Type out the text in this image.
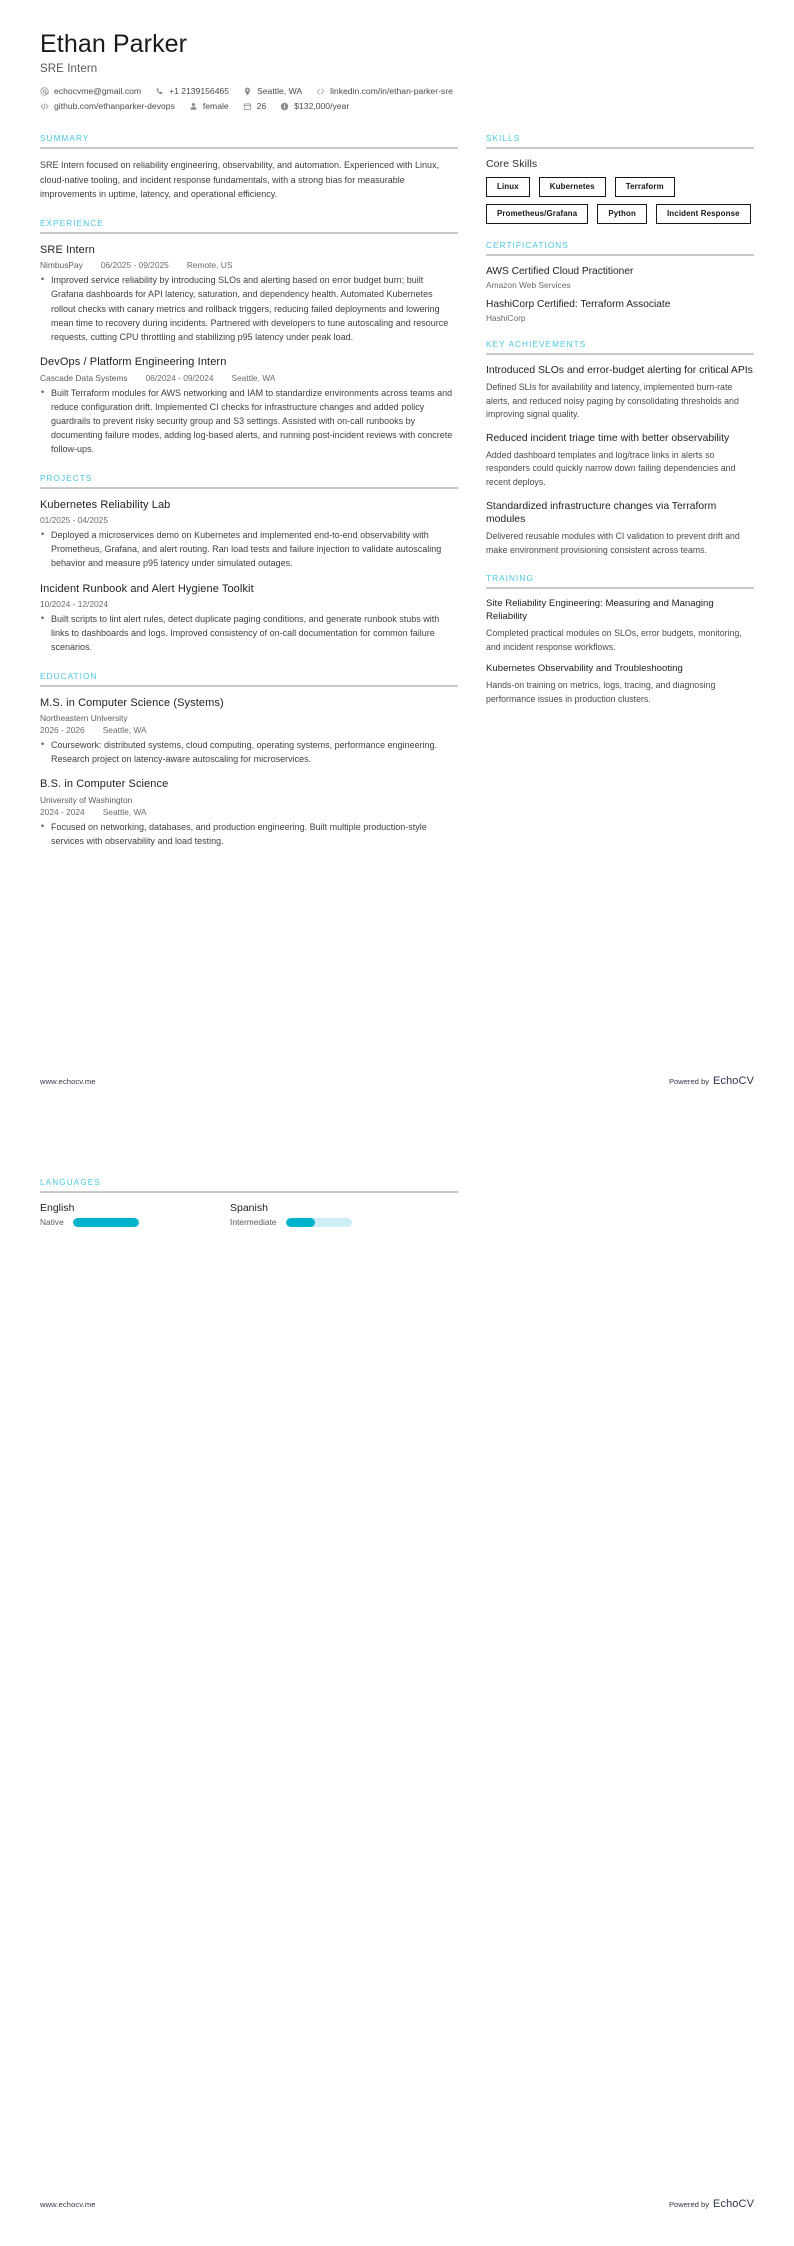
Ethan Parker
SRE Intern
echocvme@gmail.com	+1 2139156465	Seattle, WA	linkedin.com/in/ethan-parker-sre
github.com/ethanparker-devops	female	26	$132,000/year
SUMMARY
SRE Intern focused on reliability engineering, observability, and automation. Experienced with Linux, cloud-native tooling, and incident response fundamentals, with a strong bias for measurable improvements in uptime, latency, and operational efficiency.
EXPERIENCE
SRE Intern
NimbusPay 06/2025 - 09/2025 Remote, US
• Improved service reliability by introducing SLOs and alerting based on error budget burn; built Grafana dashboards for API latency, saturation, and dependency health. Automated Kubernetes rollout checks with canary metrics and rollback triggers, reducing failed deployments and lowering mean time to recovery during incidents. Partnered with developers to tune autoscaling and resource requests, cutting CPU throttling and stabilizing p95 latency under peak load.
DevOps / Platform Engineering Intern
Cascade Data Systems 06/2024 - 09/2024 Seattle, WA
• Built Terraform modules for AWS networking and IAM to standardize environments across teams and reduce configuration drift. Implemented CI checks for infrastructure changes and added policy guardrails to prevent risky security group and S3 settings. Assisted with on-call runbooks by documenting failure modes, adding log-based alerts, and running post-incident reviews with concrete follow-ups.
PROJECTS
Kubernetes Reliability Lab
01/2025 - 04/2025
• Deployed a microservices demo on Kubernetes and implemented end-to-end observability with Prometheus, Grafana, and alert routing. Ran load tests and failure injection to validate autoscaling behavior and measure p95 latency under simulated outages.
Incident Runbook and Alert Hygiene Toolkit
10/2024 - 12/2024
• Built scripts to lint alert rules, detect duplicate paging conditions, and generate runbook stubs with links to dashboards and logs. Improved consistency of on-call documentation for common failure scenarios.
EDUCATION
M.S. in Computer Science (Systems)
Northeastern University
2026 - 2026 Seattle, WA
• Coursework: distributed systems, cloud computing, operating systems, performance engineering. Research project on latency-aware autoscaling for microservices.
B.S. in Computer Science
University of Washington
2024 - 2024 Seattle, WA
• Focused on networking, databases, and production engineering. Built multiple production-style services with observability and load testing.
SKILLS
Core Skills
Linux	Kubernetes	Terraform
Prometheus/Grafana	Python	Incident Response
CERTIFICATIONS
AWS Certified Cloud Practitioner
Amazon Web Services
HashiCorp Certified: Terraform Associate
HashiCorp
KEY ACHIEVEMENTS
Introduced SLOs and error-budget alerting for critical APIs
Defined SLIs for availability and latency, implemented burn-rate alerts, and reduced noisy paging by consolidating thresholds and improving signal quality.
Reduced incident triage time with better observability
Added dashboard templates and log/trace links in alerts so responders could quickly narrow down failing dependencies and recent deploys.
Standardized infrastructure changes via Terraform modules
Delivered reusable modules with CI validation to prevent drift and make environment provisioning consistent across teams.
TRAINING
Site Reliability Engineering: Measuring and Managing Reliability
Completed practical modules on SLOs, error budgets, monitoring, and incident response workflows.
Kubernetes Observability and Troubleshooting
Hands-on training on metrics, logs, tracing, and diagnosing performance issues in production clusters.
www.echocv.me	Powered by EchoCV
LANGUAGES
English
Native
Spanish
Intermediate
www.echocv.me	Powered by EchoCV
